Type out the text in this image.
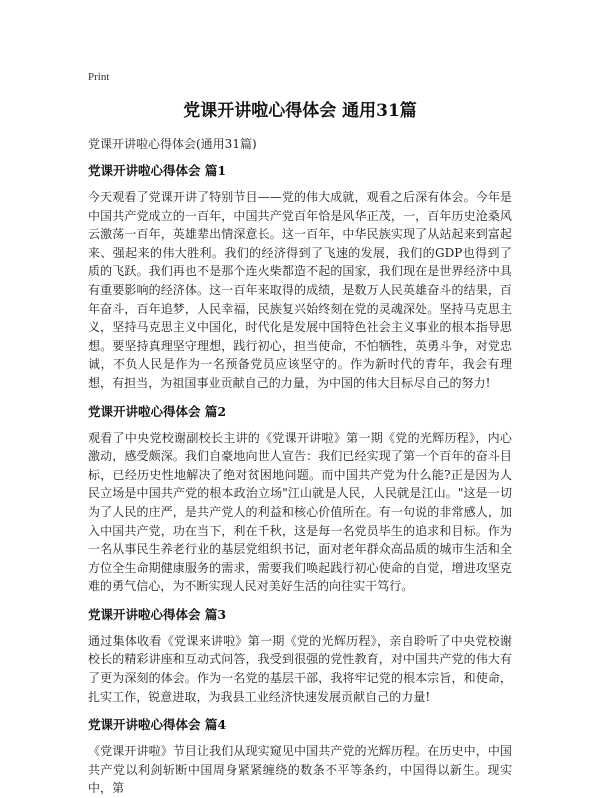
Print
党课开讲啦心得体会 通用31篇
党课开讲啦心得体会(通用31篇)
党课开讲啦心得体会 篇1
今天观看了党课开讲了特别节目——党的伟大成就，观看之后深有体会。今年是中国共产党成立的一百年，中国共产党百年恰是风华正茂，一，百年历史沧桑风云激荡一百年，英雄辈出情深意长。这一百年，中华民族实现了从站起来到富起来、强起来的伟大胜利。我们的经济得到了飞速的发展，我们的GDP也得到了质的飞跃。我们再也不是那个连火柴都造不起的国家，我们现在是世界经济中具有重要影响的经济体。这一百年来取得的成绩，是数万人民英雄奋斗的结果，百年奋斗，百年追梦，人民幸福，民族复兴始终刻在党的灵魂深处。坚持马克思主义，坚持马克思主义中国化，时代化是发展中国特色社会主义事业的根本指导思想。要坚持真理坚守理想，践行初心，担当使命，不怕牺牲，英勇斗争，对党忠诚，不负人民是作为一名预备党员应该坚守的。作为新时代的青年，我会有理想，有担当，为祖国事业贡献自己的力量，为中国的伟大目标尽自己的努力!
党课开讲啦心得体会 篇2
观看了中央党校谢副校长主讲的《党课开讲啦》第一期《党的光辉历程》，内心激动，感受颇深。我们自豪地向世人宣告：我们已经实现了第一个百年的奋斗目标，已经历史性地解决了绝对贫困地问题。而中国共产党为什么能?正是因为人民立场是中国共产党的根本政治立场"江山就是人民，人民就是江山。"这是一切为了人民的庄严，是共产党人的利益和核心价值所在。有一句说的非常感人，加入中国共产党，功在当下，利在千秋，这是每一名党员毕生的追求和目标。作为一名从事民生养老行业的基层党组织书记，面对老年群众高品质的城市生活和全方位全生命期健康服务的需求，需要我们唤起践行初心使命的自觉，增进攻坚克难的勇气信心，为不断实现人民对美好生活的向往实干笃行。
党课开讲啦心得体会 篇3
通过集体收看《党课来讲啦》第一期《党的光辉历程》，亲自聆听了中央党校谢校长的精彩讲座和互动式问答，我受到很强的党性教育，对中国共产党的伟大有了更为深刻的体会。作为一名党的基层干部，我将牢记党的根本宗旨，和使命，扎实工作，锐意进取，为我县工业经济快速发展贡献自己的力量!
党课开讲啦心得体会 篇4
《党课开讲啦》节目让我们从现实窥见中国共产党的光辉历程。在历史中，中国共产党以利剑斩断中国周身紧紧缠绕的数条不平等条约，中国得以新生。现实中，第
